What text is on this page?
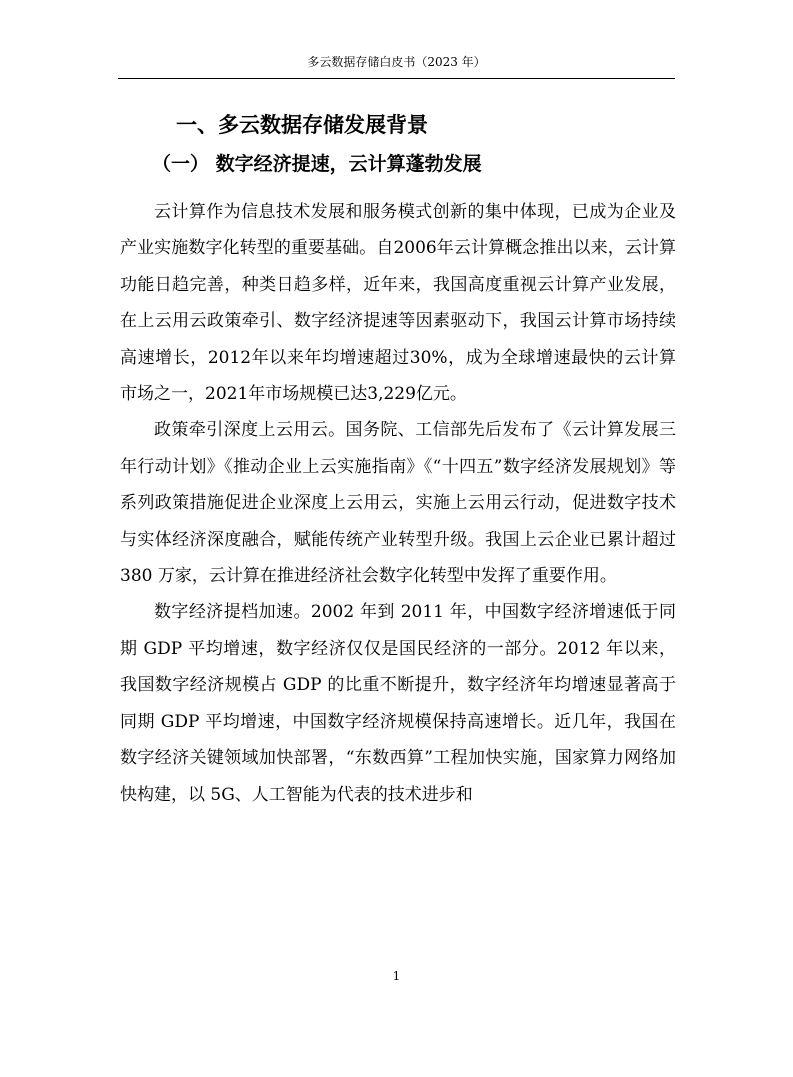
多云数据存储白皮书（2023 年）
一、多云数据存储发展背景
（一） 数字经济提速，云计算蓬勃发展

云计算作为信息技术发展和服务模式创新的集中体现，已成为企业及产业实施数字化转型的重要基础。自2006年云计算概念推出以来，云计算功能日趋完善，种类日趋多样，近年来，我国高度重视云计算产业发展，在上云用云政策牵引、数字经济提速等因素驱动下，我国云计算市场持续高速增长，2012年以来年均增速超过30%，成为全球增速最快的云计算市场之一，2021年市场规模已达3,229亿元。

政策牵引深度上云用云。国务院、工信部先后发布了《云计算发展三年行动计划》《推动企业上云实施指南》《“十四五”数字经济发展规划》等系列政策措施促进企业深度上云用云，实施上云用云行动，促进数字技术与实体经济深度融合，赋能传统产业转型升级。我国上云企业已累计超过 380 万家，云计算在推进经济社会数字化转型中发挥了重要作用。

数字经济提档加速。2002 年到 2011 年，中国数字经济增速低于同期 GDP 平均增速，数字经济仅仅是国民经济的一部分。2012 年以来，我国数字经济规模占 GDP 的比重不断提升，数字经济年均增速显著高于同期 GDP 平均增速，中国数字经济规模保持高速增长。近几年，我国在数字经济关键领域加快部署，“东数西算”工程加快实施，国家算力网络加快构建，以 5G、人工智能为代表的技术进步和

1
